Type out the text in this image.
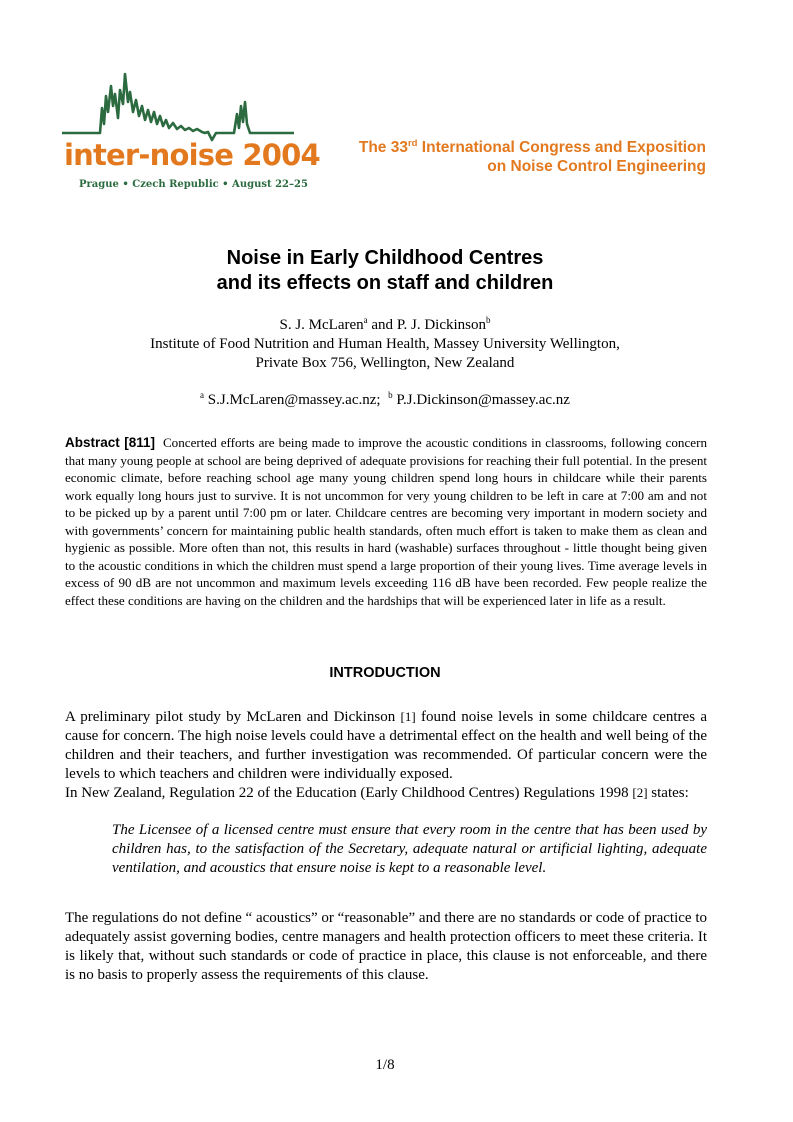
inter-noise 2004
Prague • Czech Republic • August 22–25
The 33rd International Congress and Exposition
on Noise Control Engineering
Noise in Early Childhood Centres
and its effects on staff and children
S. J. McLaren$^a$ and P. J. Dickinson$^b$
Institute of Food Nutrition and Human Health, Massey University Wellington,
Private Box 756, Wellington, New Zealand
$^a$ S.J.McLaren@massey.ac.nz; $^b$ P.J.Dickinson@massey.ac.nz
Abstract [811] Concerted efforts are being made to improve the acoustic conditions in classrooms, following concern that many young people at school are being deprived of adequate provisions for reaching their full potential. In the present economic climate, before reaching school age many young children spend long hours in childcare while their parents work equally long hours just to survive. It is not uncommon for very young children to be left in care at 7:00 am and not to be picked up by a parent until 7:00 pm or later. Childcare centres are becoming very important in modern society and with governments’ concern for maintaining public health standards, often much effort is taken to make them as clean and hygienic as possible. More often than not, this results in hard (washable) surfaces throughout - little thought being given to the acoustic conditions in which the children must spend a large proportion of their young lives. Time average levels in excess of 90 dB are not uncommon and maximum levels exceeding 116 dB have been recorded. Few people realize the effect these conditions are having on the children and the hardships that will be experienced later in life as a result.
INTRODUCTION

A preliminary pilot study by McLaren and Dickinson [1] found noise levels in some childcare centres a cause for concern. The high noise levels could have a detrimental effect on the health and well being of the children and their teachers, and further investigation was recommended. Of particular concern were the levels to which teachers and children were individually exposed.

In New Zealand, Regulation 22 of the Education (Early Childhood Centres) Regulations 1998 [2] states:

The Licensee of a licensed centre must ensure that every room in the centre that has been used by children has, to the satisfaction of the Secretary, adequate natural or artificial lighting, adequate ventilation, and acoustics that ensure noise is kept to a reasonable level.

The regulations do not define “ acoustics” or “reasonable” and there are no standards or code of practice to adequately assist governing bodies, centre managers and health protection officers to meet these criteria. It is likely that, without such standards or code of practice in place, this clause is not enforceable, and there is no basis to properly assess the requirements of this clause.

1/8
